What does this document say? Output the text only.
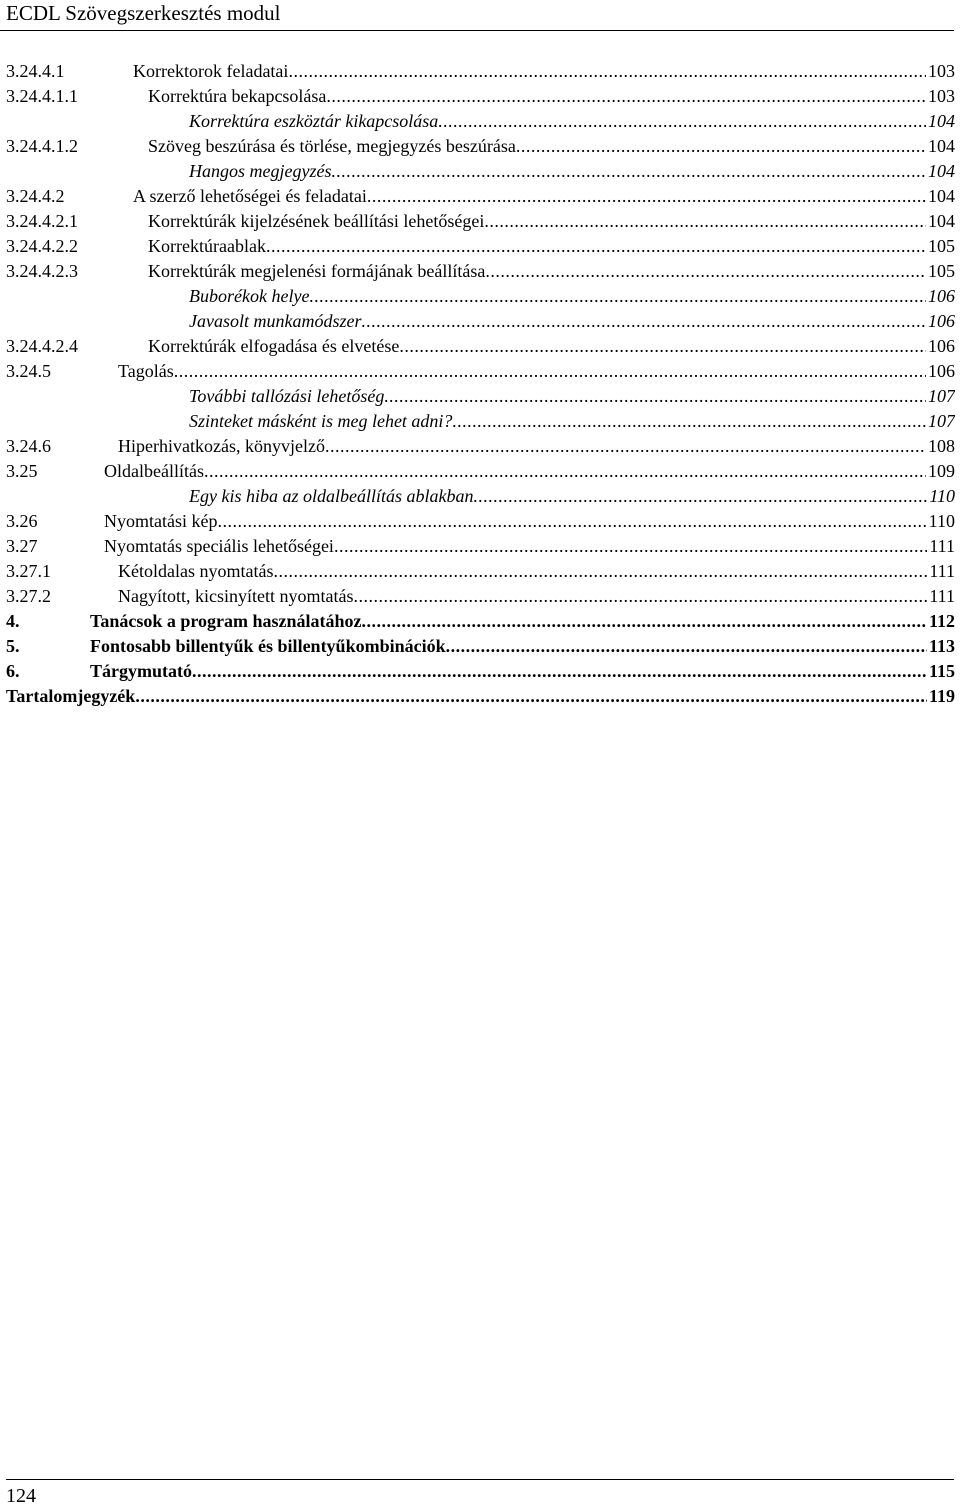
ECDL Szövegszerkesztés modul
3.24.4.1	Korrektorok feladatai .....	103
3.24.4.1.1	Korrektúra bekapcsolása .....	103
Korrektúra eszköztár kikapcsolása .....	104
3.24.4.1.2	Szöveg beszúrása és törlése, megjegyzés beszúrása .....	104
Hangos megjegyzés .....	104
3.24.4.2	A szerző lehetőségei és feladatai .....	104
3.24.4.2.1	Korrektúrák kijelzésének beállítási lehetőségei .....	104
3.24.4.2.2	Korrektúraablak .....	105
3.24.4.2.3	Korrektúrák megjelenési formájának beállítása .....	105
Buborékok helye .....	106
Javasolt munkamódszer .....	106
3.24.4.2.4	Korrektúrák elfogadása és elvetése .....	106
3.24.5	Tagolás .....	106
További tallózási lehetőség .....	107
Szinteket másként is meg lehet adni? .....	107
3.24.6	Hiperhivatkozás, könyvjelző .....	108
3.25	Oldalbeállítás .....	109
Egy kis hiba az oldalbeállítás ablakban .....	110
3.26	Nyomtatási kép .....	110
3.27	Nyomtatás speciális lehetőségei .....	111
3.27.1	Kétoldalas nyomtatás .....	111
3.27.2	Nagyított, kicsinyített nyomtatás .....	111
4.	Tanácsok a program használatához .....	112
5.	Fontosabb billentyűk és billentyűkombinációk .....	113
6.	Tárgymutató .....	115
Tartalomjegyzék .....	119
124
